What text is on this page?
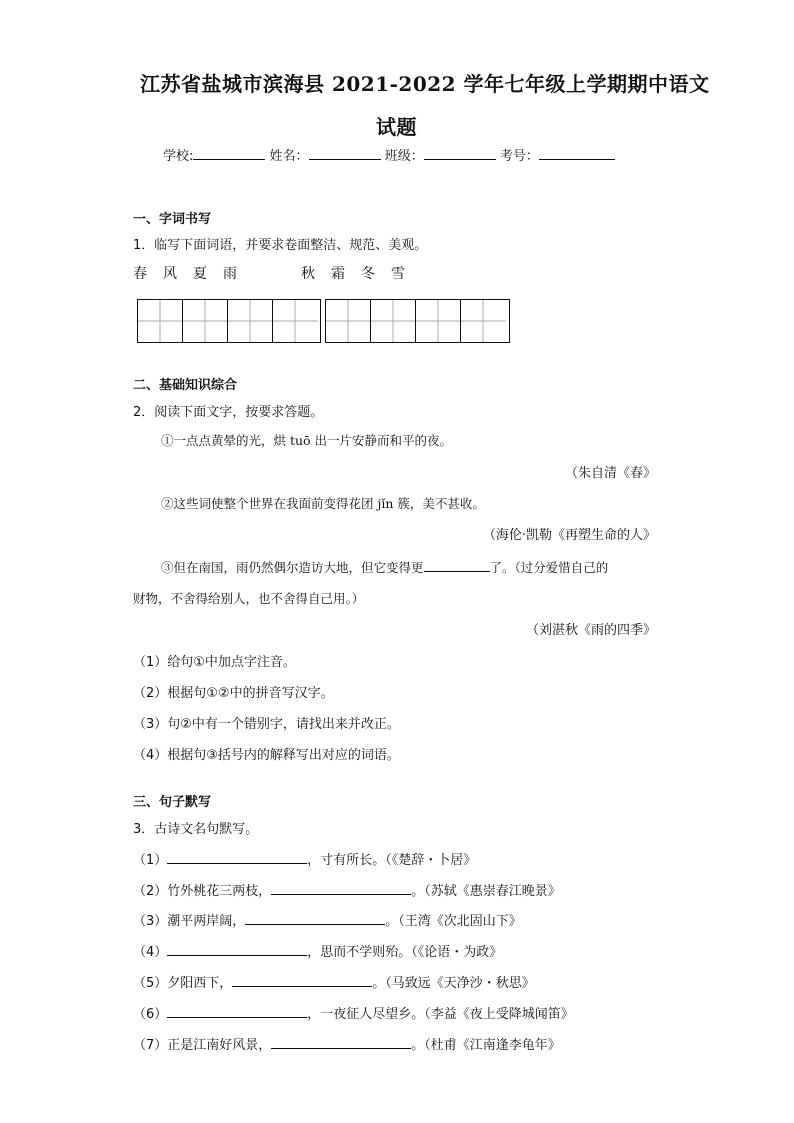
江苏省盐城市滨海县 2021-2022 学年七年级上学期期中语文
试题
学校:	姓名：	班级：	考号：
一、字词书写
1．临写下面词语，并要求卷面整洁、规范、美观。
春 风 夏 雨	秋 霜 冬 雪
二、基础知识综合
2．阅读下面文字，按要求答题。
①一点点黄晕的光，烘 tuō 出一片安静而和平的夜。
（朱自清《春》
②这些词使整个世界在我面前变得花团 jǐn 簇，美不甚收。
（海伦·凯勒《再塑生命的人》
③但在南国，雨仍然偶尔造访大地，但它变得更	了。（过分爱惜自己的
财物，不舍得给别人，也不舍得自己用。）
（刘湛秋《雨的四季》
（1）给句①中加点字注音。
（2）根据句①②中的拼音写汉字。
（3）句②中有一个错别字，请找出来并改正。
（4）根据句③括号内的解释写出对应的词语。
三、句子默写
3．古诗文名句默写。
（1）	，寸有所长。（《楚辞・卜居》
（2）竹外桃花三两枝，	。（苏轼《惠崇春江晚景》
（3）潮平两岸阔，	。（王湾《次北固山下》
（4）	，思而不学则殆。（《论语・为政》
（5）夕阳西下，	。（马致远《天净沙・秋思》
（6）	，一夜征人尽望乡。（李益《夜上受降城闻笛》
（7）正是江南好风景，	。（杜甫《江南逢李龟年》
